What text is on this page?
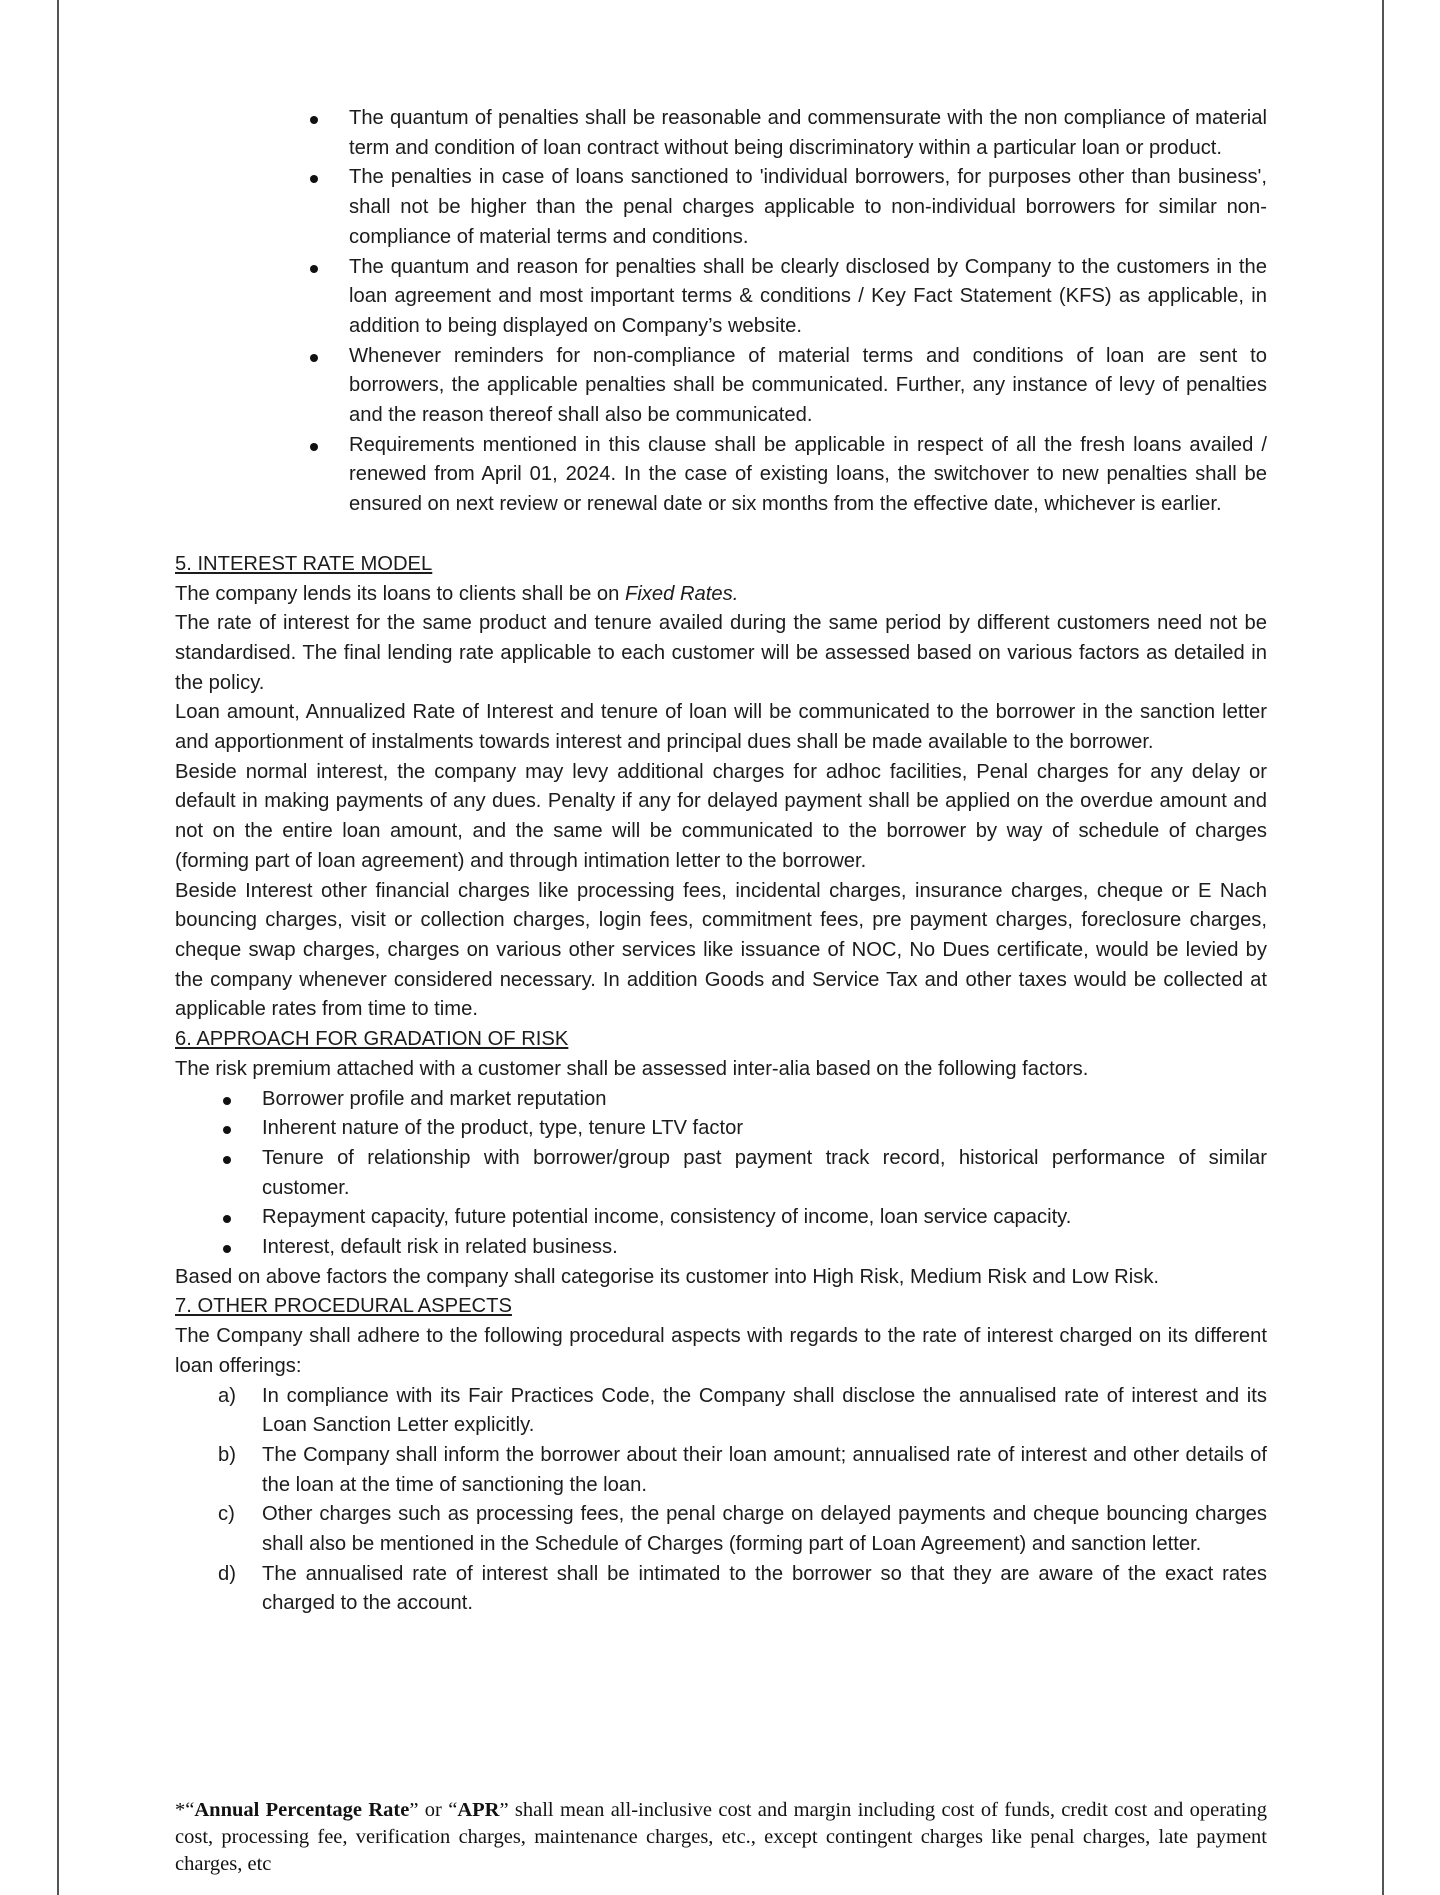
The quantum of penalties shall be reasonable and commensurate with the non compliance of material term and condition of loan contract without being discriminatory within a particular loan or product.
The penalties in case of loans sanctioned to 'individual borrowers, for purposes other than business', shall not be higher than the penal charges applicable to non-individual borrowers for similar non-compliance of material terms and conditions.
The quantum and reason for penalties shall be clearly disclosed by Company to the customers in the loan agreement and most important terms & conditions / Key Fact Statement (KFS) as applicable, in addition to being displayed on Company’s website.
Whenever reminders for non-compliance of material terms and conditions of loan are sent to borrowers, the applicable penalties shall be communicated. Further, any instance of levy of penalties and the reason thereof shall also be communicated.
Requirements mentioned in this clause shall be applicable in respect of all the fresh loans availed / renewed from April 01, 2024. In the case of existing loans, the switchover to new penalties shall be ensured on next review or renewal date or six months from the effective date, whichever is earlier.

5. INTEREST RATE MODEL

The company lends its loans to clients shall be on Fixed Rates.

The rate of interest for the same product and tenure availed during the same period by different customers need not be standardised. The final lending rate applicable to each customer will be assessed based on various factors as detailed in the policy.

Loan amount, Annualized Rate of Interest and tenure of loan will be communicated to the borrower in the sanction letter and apportionment of instalments towards interest and principal dues shall be made available to the borrower.

Beside normal interest, the company may levy additional charges for adhoc facilities, Penal charges for any delay or default in making payments of any dues. Penalty if any for delayed payment shall be applied on the overdue amount and not on the entire loan amount, and the same will be communicated to the borrower by way of schedule of charges (forming part of loan agreement) and through intimation letter to the borrower.

Beside Interest other financial charges like processing fees, incidental charges, insurance charges, cheque or E Nach bouncing charges, visit or collection charges, login fees, commitment fees, pre payment charges, foreclosure charges, cheque swap charges, charges on various other services like issuance of NOC, No Dues certificate, would be levied by the company whenever considered necessary. In addition Goods and Service Tax and other taxes would be collected at applicable rates from time to time.

6. APPROACH FOR GRADATION OF RISK

The risk premium attached with a customer shall be assessed inter-alia based on the following factors.

Borrower profile and market reputation
Inherent nature of the product, type, tenure LTV factor
Tenure of relationship with borrower/group past payment track record, historical performance of similar customer.
Repayment capacity, future potential income, consistency of income, loan service capacity.
Interest, default risk in related business.

Based on above factors the company shall categorise its customer into High Risk, Medium Risk and Low Risk.

7. OTHER PROCEDURAL ASPECTS

The Company shall adhere to the following procedural aspects with regards to the rate of interest charged on its different loan offerings:

a) In compliance with its Fair Practices Code, the Company shall disclose the annualised rate of interest and its Loan Sanction Letter explicitly.
b) The Company shall inform the borrower about their loan amount; annualised rate of interest and other details of the loan at the time of sanctioning the loan.
c) Other charges such as processing fees, the penal charge on delayed payments and cheque bouncing charges shall also be mentioned in the Schedule of Charges (forming part of Loan Agreement) and sanction letter.
d) The annualised rate of interest shall be intimated to the borrower so that they are aware of the exact rates charged to the account.
*“Annual Percentage Rate” or “APR” shall mean all-inclusive cost and margin including cost of funds, credit cost and operating cost, processing fee, verification charges, maintenance charges, etc., except contingent charges like penal charges, late payment charges, etc
